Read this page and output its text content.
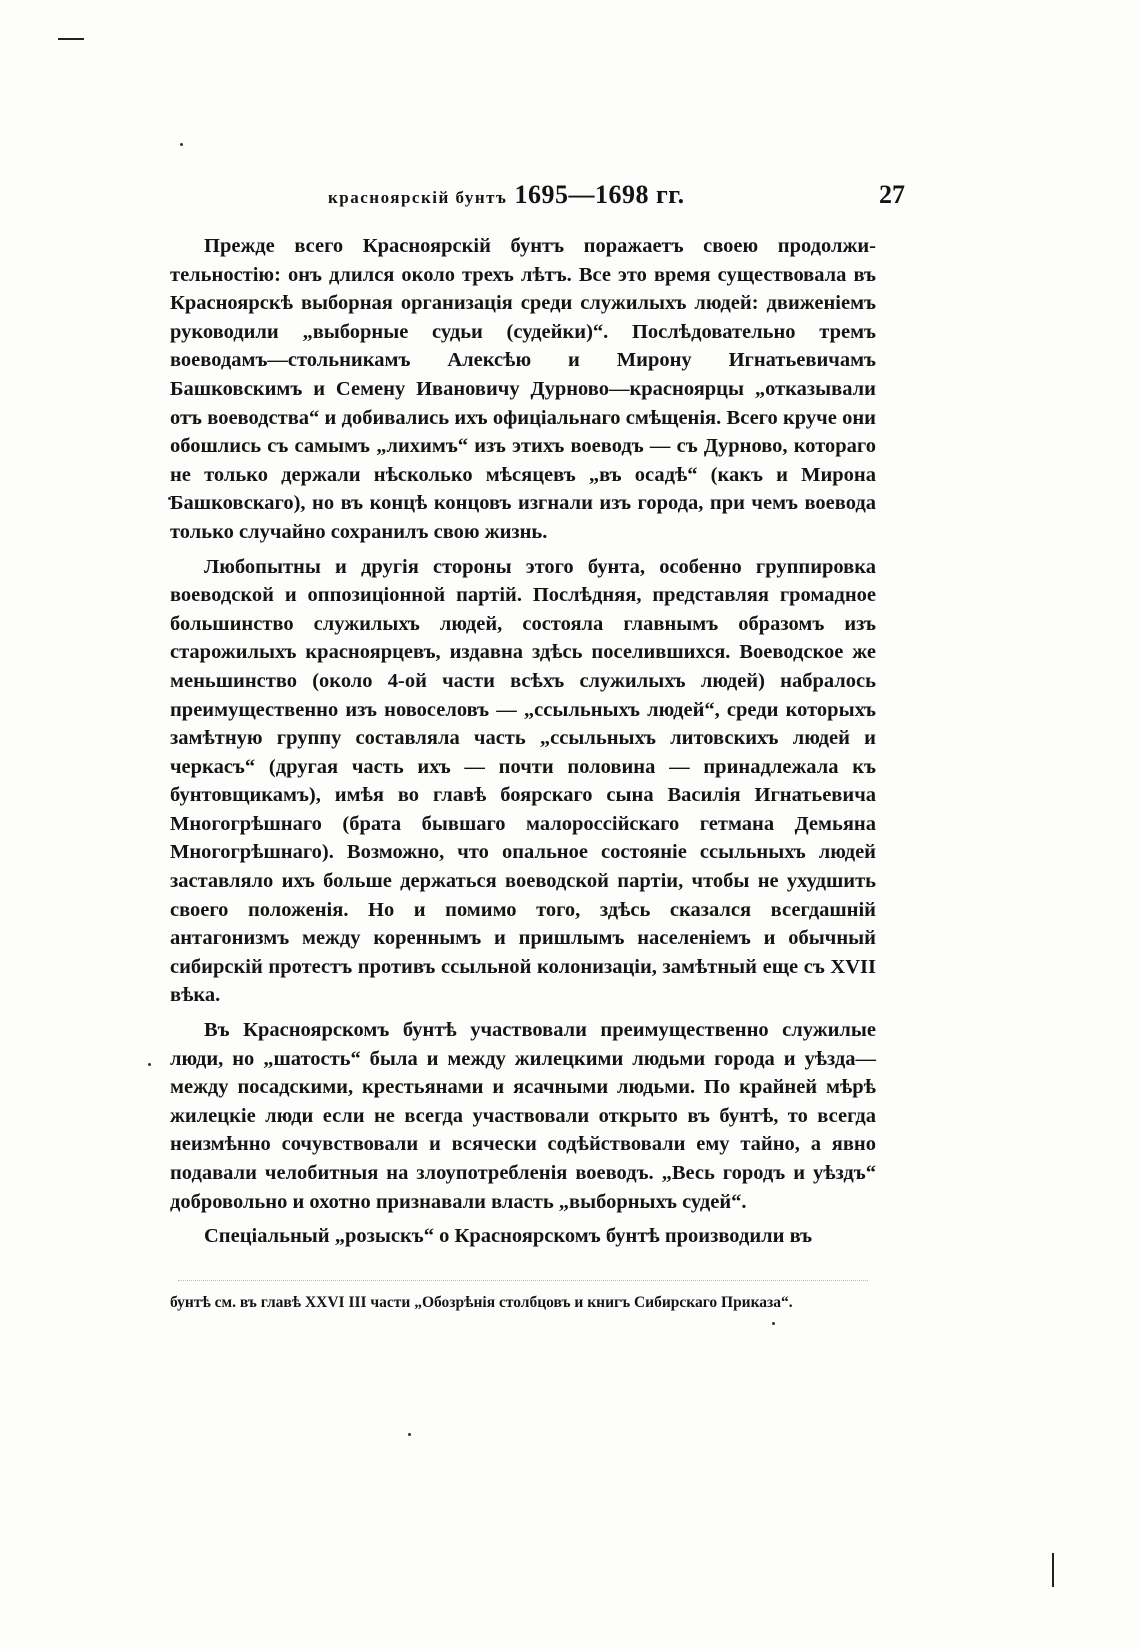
красноярскій бунтъ 1695—1698 гг.	27

Прежде всего Красноярскій бунтъ поражаетъ своею продолжительностію: онъ длился около трехъ лѣтъ. Все это время существовала въ Красноярскѣ выборная организація среди служилыхъ людей: движеніемъ руководили „выборные судьи (судейки)“. Послѣдовательно тремъ воеводамъ—стольникамъ Алексѣю и Мирону Игнатьевичамъ Башковскимъ и Семену Ивановичу Дурново—красноярцы „отказывали отъ воеводства“ и добивались ихъ офиціальнаго смѣщенія. Всего круче они обошлись съ самымъ „лихимъ“ изъ этихъ воеводъ — съ Дурново, котораго не только держали нѣсколько мѣсяцевъ „въ осадѣ“ (какъ и Мирона Башковскаго), но въ концѣ концовъ изгнали изъ города, при чемъ воевода только случайно сохранилъ свою жизнь.

Любопытны и другія стороны этого бунта, особенно группировка воеводской и оппозиціонной партій. Послѣдняя, представляя громадное большинство служилыхъ людей, состояла главнымъ образомъ изъ старожилыхъ красноярцевъ, издавна здѣсь поселившихся. Воеводское же меньшинство (около 4-ой части всѣхъ служилыхъ людей) набралось преимущественно изъ новоселовъ — „ссыльныхъ людей“, среди которыхъ замѣтную группу составляла часть „ссыльныхъ литовскихъ людей и черкасъ“ (другая часть ихъ — почти половина — принадлежала къ бунтовщикамъ), имѣя во главѣ боярскаго сына Василія Игнатьевича Многогрѣшнаго (брата бывшаго малороссійскаго гетмана Демьяна Многогрѣшнаго). Возможно, что опальное состояніе ссыльныхъ людей заставляло ихъ больше держаться воеводской партіи, чтобы не ухудшить своего положенія. Но и помимо того, здѣсь сказался всегдашній антагонизмъ между кореннымъ и пришлымъ населеніемъ и обычный сибирскій протестъ противъ ссыльной колонизаціи, замѣтный еще съ XVII вѣка.

Въ Красноярскомъ бунтѣ участвовали преимущественно служилые люди, но „шатость“ была и между жилецкими людьми города и уѣзда— между посадскими, крестьянами и ясачными людьми. По крайней мѣрѣ жилецкіе люди если не всегда участвовали открыто въ бунтѣ, то всегда неизмѣнно сочувствовали и всячески содѣйствовали ему тайно, а явно подавали челобитныя на злоупотребленія воеводъ. „Весь городъ и уѣздъ“ добровольно и охотно признавали власть „выборныхъ судей“.

Спеціальный „розыскъ“ о Красноярскомъ бунтѣ производили въ

бунтѣ см. въ главѣ XXVI III части „Обозрѣнія столбцовъ и книгъ Сибирскаго Приказа“.
